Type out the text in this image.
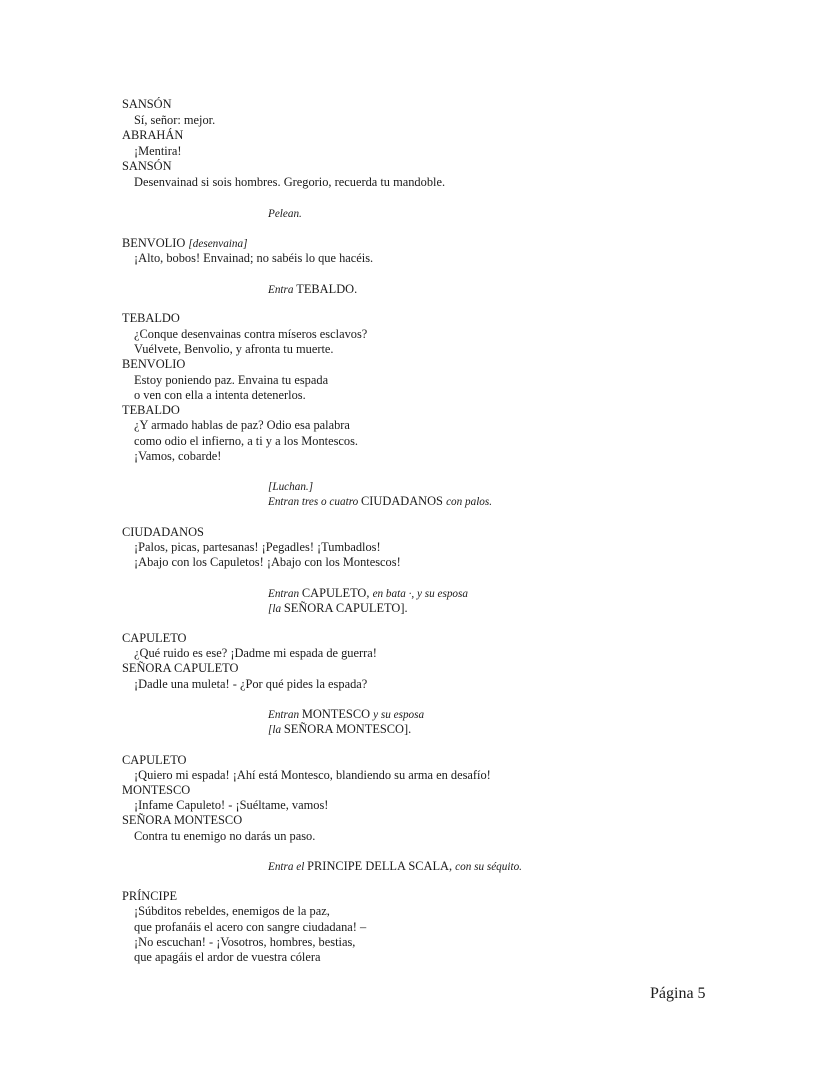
SANSÓN
Sí, señor: mejor.
ABRAHÁN
¡Mentira!
SANSÓN
Desenvainad si sois hombres. Gregorio, recuerda tu mandoble.
Pelean.
BENVOLIO [desenvaina]
¡Alto, bobos! Envainad; no sabéis lo que hacéis.
Entra TEBALDO.
TEBALDO
¿Conque desenvainas contra míseros esclavos?
Vuélvete, Benvolio, y afronta tu muerte.
BENVOLIO
Estoy poniendo paz. Envaina tu espada
o ven con ella a intenta detenerlos.
TEBALDO
¿Y armado hablas de paz? Odio esa palabra
como odio el infierno, a ti y a los Montescos.
¡Vamos, cobarde!
[Luchan.]
Entran tres o cuatro CIUDADANOS con palos.
CIUDADANOS
¡Palos, picas, partesanas! ¡Pegadles! ¡Tumbadlos!
¡Abajo con los Capuletos! ¡Abajo con los Montescos!
Entran CAPULETO, en bata ·, y su esposa
[la SEÑORA CAPULETO].
CAPULETO
¿Qué ruido es ese? ¡Dadme mi espada de guerra!
SEÑORA CAPULETO
¡Dadle una muleta! - ¿Por qué pides la espada?
Entran MONTESCO y su esposa
[la SEÑORA MONTESCO].
CAPULETO
¡Quiero mi espada! ¡Ahí está Montesco, blandiendo su arma en desafío!
MONTESCO
¡Infame Capuleto! - ¡Suéltame, vamos!
SEÑORA MONTESCO
Contra tu enemigo no darás un paso.
Entra el PRINCIPE DELLA SCALA, con su séquito.
PRÍNCIPE
¡Súbditos rebeldes, enemigos de la paz,
que profanáis el acero con sangre ciudadana! –
¡No escuchan! - ¡Vosotros, hombres, bestias,
que apagáis el ardor de vuestra cólera
Página 5
